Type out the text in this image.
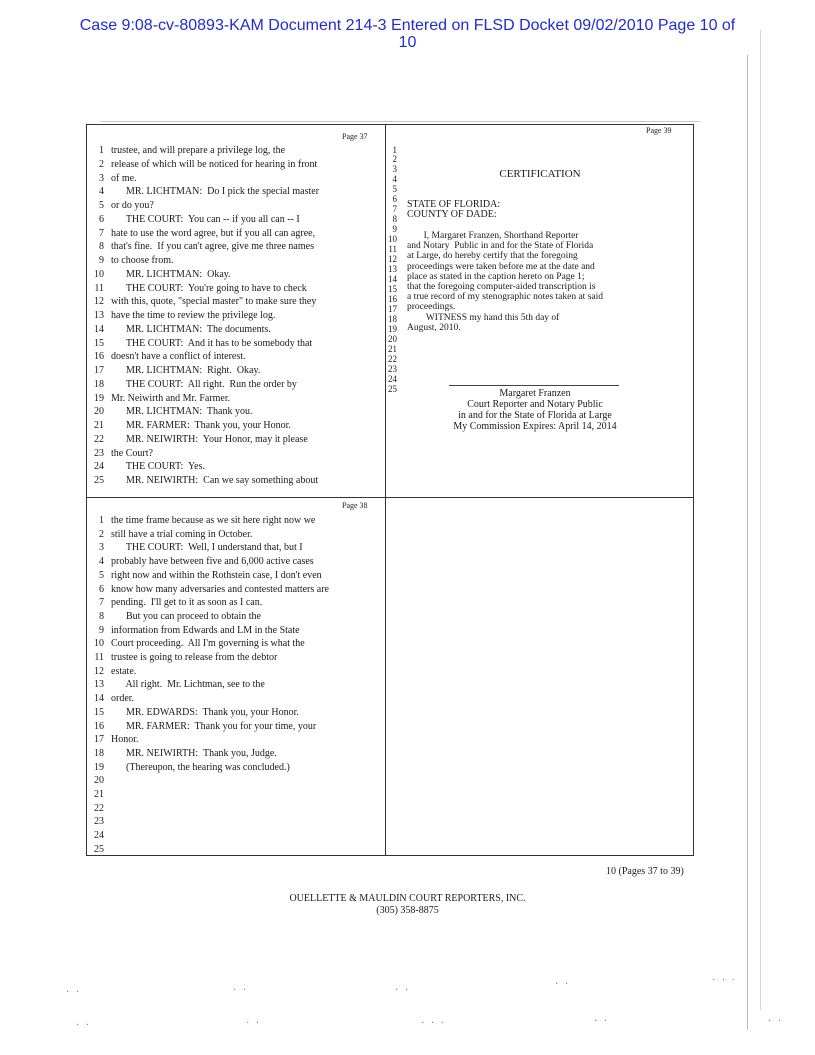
Case 9:08-cv-80893-KAM Document 214-3 Entered on FLSD Docket 09/02/2010 Page 10 of
10
Page 37
Page 39
Page 38
1 trustee, and will prepare a privilege log, the
2 release of which will be noticed for hearing in front
3 of me.
4 MR. LICHTMAN:  Do I pick the special master
5 or do you?
6 THE COURT:  You can -- if you all can -- I
7 hate to use the word agree, but if you all can agree,
8 that's fine.  If you can't agree, give me three names
9 to choose from.
10 MR. LICHTMAN:  Okay.
11 THE COURT:  You're going to have to check
12 with this, quote, "special master" to make sure they
13 have the time to review the privilege log.
14 MR. LICHTMAN:  The documents.
15 THE COURT:  And it has to be somebody that
16 doesn't have a conflict of interest.
17 MR. LICHTMAN:  Right.  Okay.
18 THE COURT:  All right.  Run the order by
19 Mr. Neiwirth and Mr. Farmer.
20 MR. LICHTMAN:  Thank you.
21 MR. FARMER:  Thank you, your Honor.
22 MR. NEIWIRTH:  Your Honor, may it please
23 the Court?
24 THE COURT:  Yes.
25 MR. NEIWIRTH:  Can we say something about
1 the time frame because as we sit here right now we
2 still have a trial coming in October.
3 THE COURT:  Well, I understand that, but I
4 probably have between five and 6,000 active cases
5 right now and within the Rothstein case, I don't even
6 know how many adversaries and contested matters are
7 pending.  I'll get to it as soon as I can.
8 But you can proceed to obtain the
9 information from Edwards and LM in the State
10 Court proceeding.  All I'm governing is what the
11 trustee is going to release from the debtor
12 estate.
13 All right.  Mr. Lichtman, see to the
14 order.
15 MR. EDWARDS:  Thank you, your Honor.
16 MR. FARMER:  Thank you for your time, your
17 Honor.
18 MR. NEIWIRTH:  Thank you, Judge.
19 (Thereupon, the hearing was concluded.)
20
21
22
23
24
25
1
2
3
4
5
6
7
8
9
10
11
12
13
14
15
16
17
18
19
20
21
22
23
24
25
CERTIFICATION
STATE OF FLORIDA:
COUNTY OF DADE:
I, Margaret Franzen, Shorthand Reporter
and Notary  Public in and for the State of Florida
at Large, do hereby certify that the foregoing
proceedings were taken before me at the date and
place as stated in the caption hereto on Page 1;
that the foregoing computer-aided transcription is
a true record of my stenographic notes taken at said
proceedings.
WITNESS my hand this 5th day of
August, 2010.
Margaret Franzen
Court Reporter and Notary Public
in and for the State of Florida at Large
My Commission Expires: April 14, 2014
10 (Pages 37 to 39)
OUELLETTE & MAULDIN COURT REPORTERS, INC.
(305) 358-8875
· ·	· ·	· ·
· ·	· · ·
· ·	· ·	· · ·	· ·	· ·
